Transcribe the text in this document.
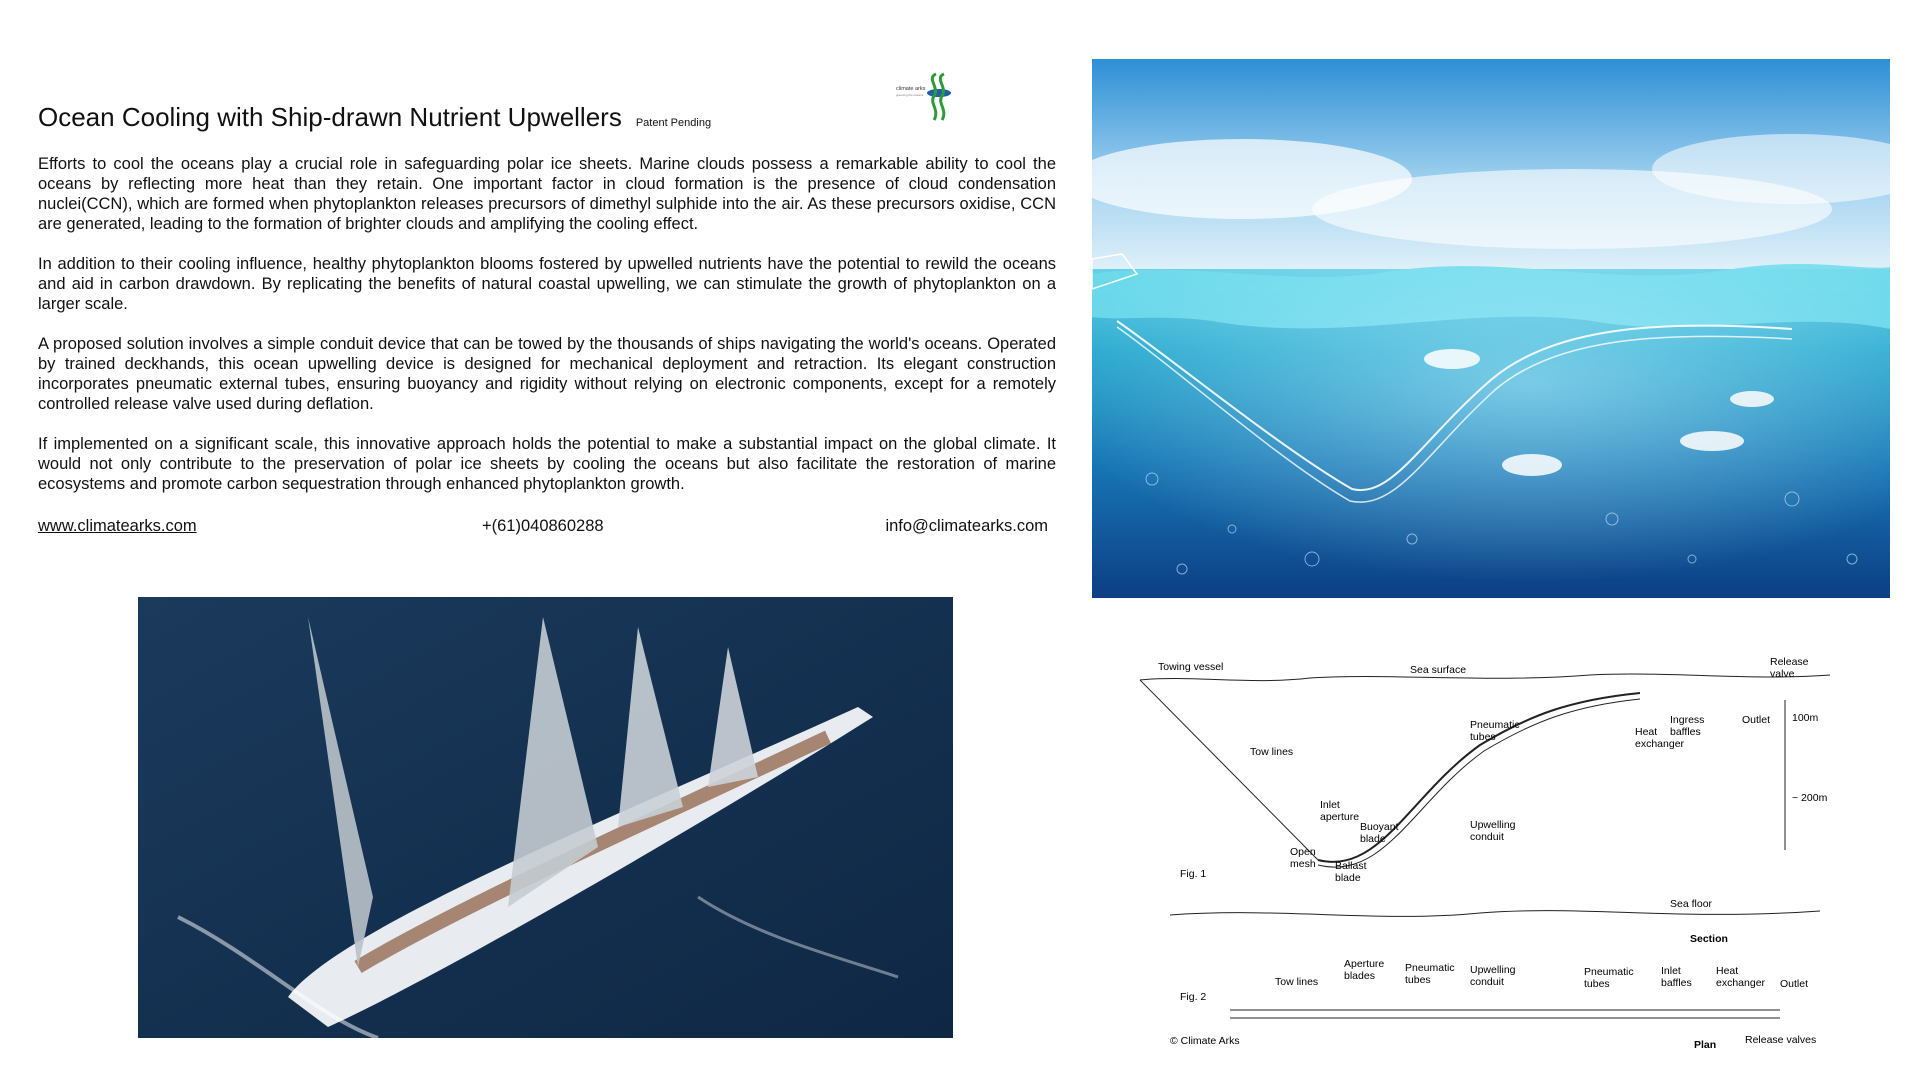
Ocean Cooling with Ship-drawn Nutrient Upwellers Patent Pending
climate arks
greening the oceans

Efforts to cool the oceans play a crucial role in safeguarding polar ice sheets. Marine clouds possess a remarkable ability to cool the oceans by reflecting more heat than they retain. One important factor in cloud formation is the presence of cloud condensation nuclei(CCN), which are formed when phytoplankton releases precursors of dimethyl sulphide into the air. As these precursors oxidise, CCN are generated, leading to the formation of brighter clouds and amplifying the cooling effect.

In addition to their cooling influence, healthy phytoplankton blooms fostered by upwelled nutrients have the potential to rewild the oceans and aid in carbon drawdown. By replicating the benefits of natural coastal upwelling, we can stimulate the growth of phytoplankton on a larger scale.

A proposed solution involves a simple conduit device that can be towed by the thousands of ships navigating the world's oceans. Operated by trained deckhands, this ocean upwelling device is designed for mechanical deployment and retraction. Its elegant construction incorporates pneumatic external tubes, ensuring buoyancy and rigidity without relying on electronic components, except for a remotely controlled release valve used during deflation.

If implemented on a significant scale, this innovative approach holds the potential to make a substantial impact on the global climate. It would not only contribute to the preservation of polar ice sheets by cooling the oceans but also facilitate the restoration of marine ecosystems and promote carbon sequestration through enhanced phytoplankton growth.

www.climatearks.com	+(61)040860288	info@climatearks.com
Towing vessel	Sea surface
Release
valve
Tow lines
Pneumatic
tubes
Ingress
baffles
Outlet
Heat
exchanger
100m
~ 200m
Inlet
aperture
Buoyant
blade
Upwelling
conduit
Open
mesh Ballast
blade
Fig. 1
Sea floor
Section
Fig. 2
Tow lines
Aperture
blades
Pneumatic
tubes
Upwelling
conduit
Pneumatic
tubes
Inlet
baffles
Heat
exchanger Outlet
© Climate Arks	Plan	Release valves
